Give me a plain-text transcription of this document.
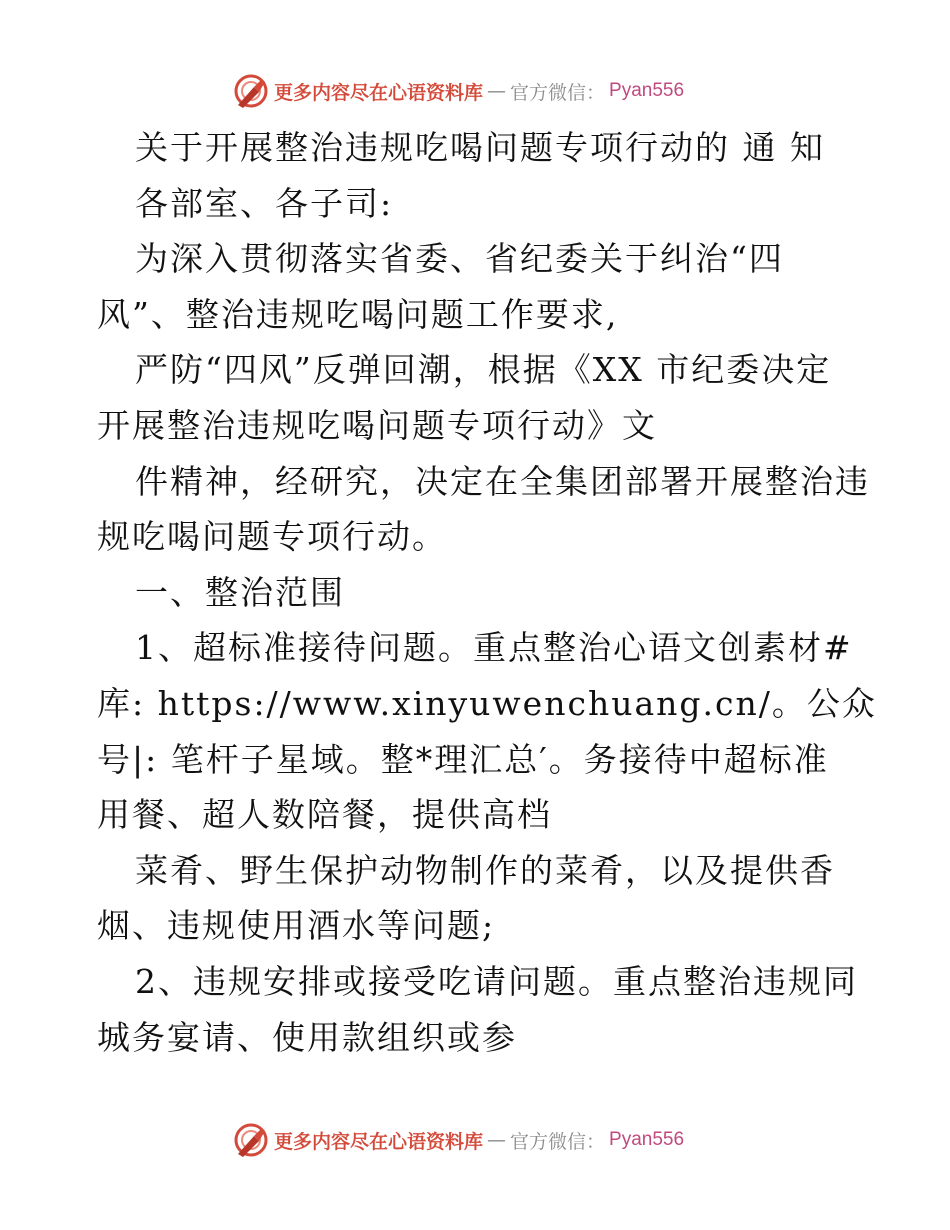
更多内容尽在心语资料库 — 官方微信： Pyan556
关于开展整治违规吃喝问题专项行动的 通 知
各部室、各子司:
为深入贯彻落实省委、省纪委关于纠治“四
风”、整治违规吃喝问题工作要求,
严防“四风”反弹回潮，根据《XX 市纪委决定
开展整治违规吃喝问题专项行动》文
件精神，经研究，决定在全集团部署开展整治违
规吃喝问题专项行动。
一、整治范围
1、超标准接待问题。重点整治心语文创素材#
库: https://www.xinyuwenchuang.cn/。公众
号|: 笔杆子星域。整*理汇总′。务接待中超标准
用餐、超人数陪餐，提供高档
菜肴、野生保护动物制作的菜肴，以及提供香
烟、违规使用酒水等问题;
2、违规安排或接受吃请问题。重点整治违规同
城务宴请、使用款组织或参
更多内容尽在心语资料库 — 官方微信： Pyan556
